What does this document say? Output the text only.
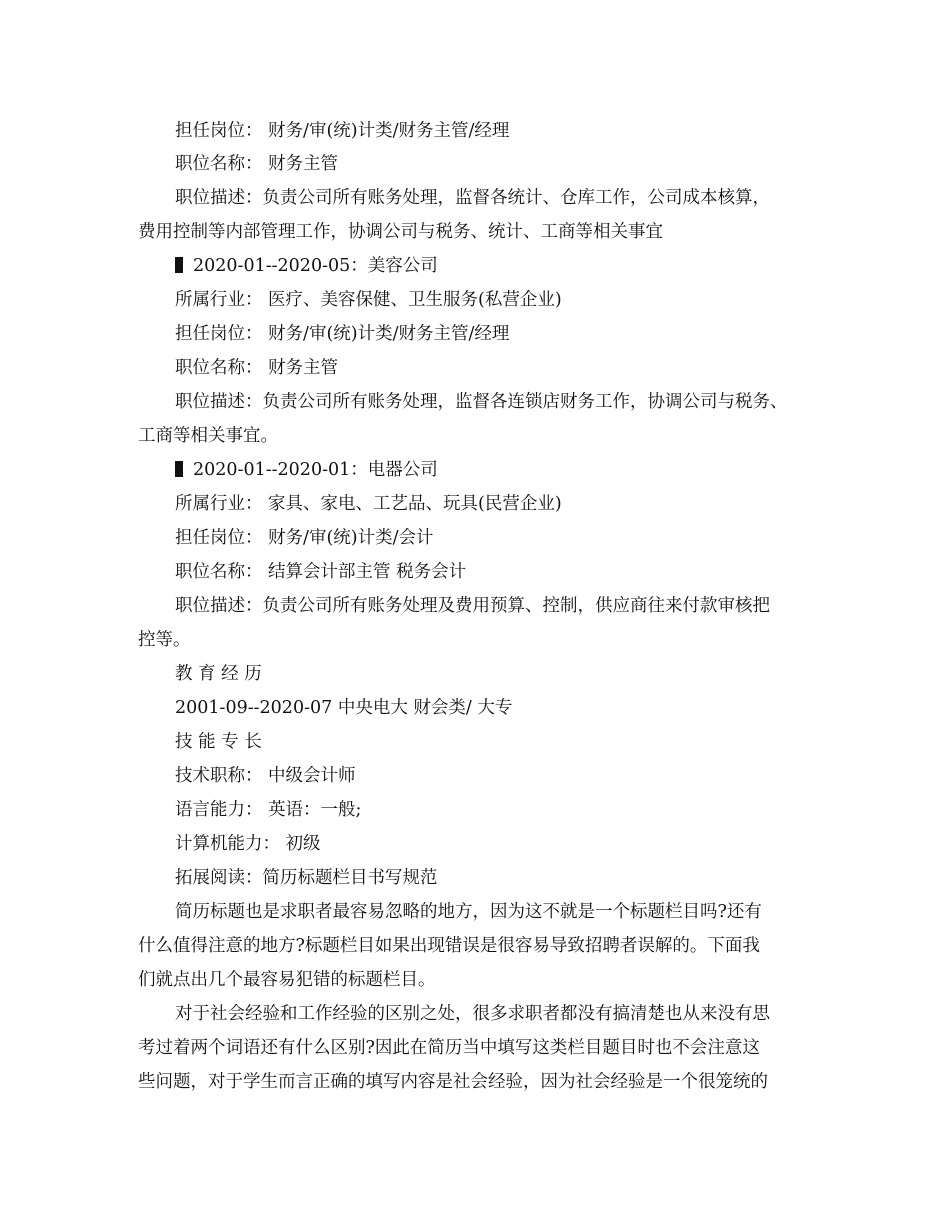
担任岗位： 财务/审(统)计类/财务主管/经理
职位名称： 财务主管
职位描述：负责公司所有账务处理，监督各统计、仓库工作，公司成本核算，
费用控制等内部管理工作，协调公司与税务、统计、工商等相关事宜
2020-01--2020-05：美容公司
所属行业： 医疗、美容保健、卫生服务(私营企业)
担任岗位： 财务/审(统)计类/财务主管/经理
职位名称： 财务主管
职位描述：负责公司所有账务处理，监督各连锁店财务工作，协调公司与税务、
工商等相关事宜。
2020-01--2020-01：电器公司
所属行业： 家具、家电、工艺品、玩具(民营企业)
担任岗位： 财务/审(统)计类/会计
职位名称： 结算会计部主管 税务会计
职位描述：负责公司所有账务处理及费用预算、控制，供应商往来付款审核把
控等。
教 育 经 历
2001-09--2020-07 中央电大 财会类/ 大专
技 能 专 长
技术职称： 中级会计师
语言能力： 英语：一般;
计算机能力： 初级
拓展阅读：简历标题栏目书写规范
简历标题也是求职者最容易忽略的地方，因为这不就是一个标题栏目吗?还有
什么值得注意的地方?标题栏目如果出现错误是很容易导致招聘者误解的。下面我
们就点出几个最容易犯错的标题栏目。
对于社会经验和工作经验的区别之处，很多求职者都没有搞清楚也从来没有思
考过着两个词语还有什么区别?因此在简历当中填写这类栏目题目时也不会注意这
些问题，对于学生而言正确的填写内容是社会经验，因为社会经验是一个很笼统的
